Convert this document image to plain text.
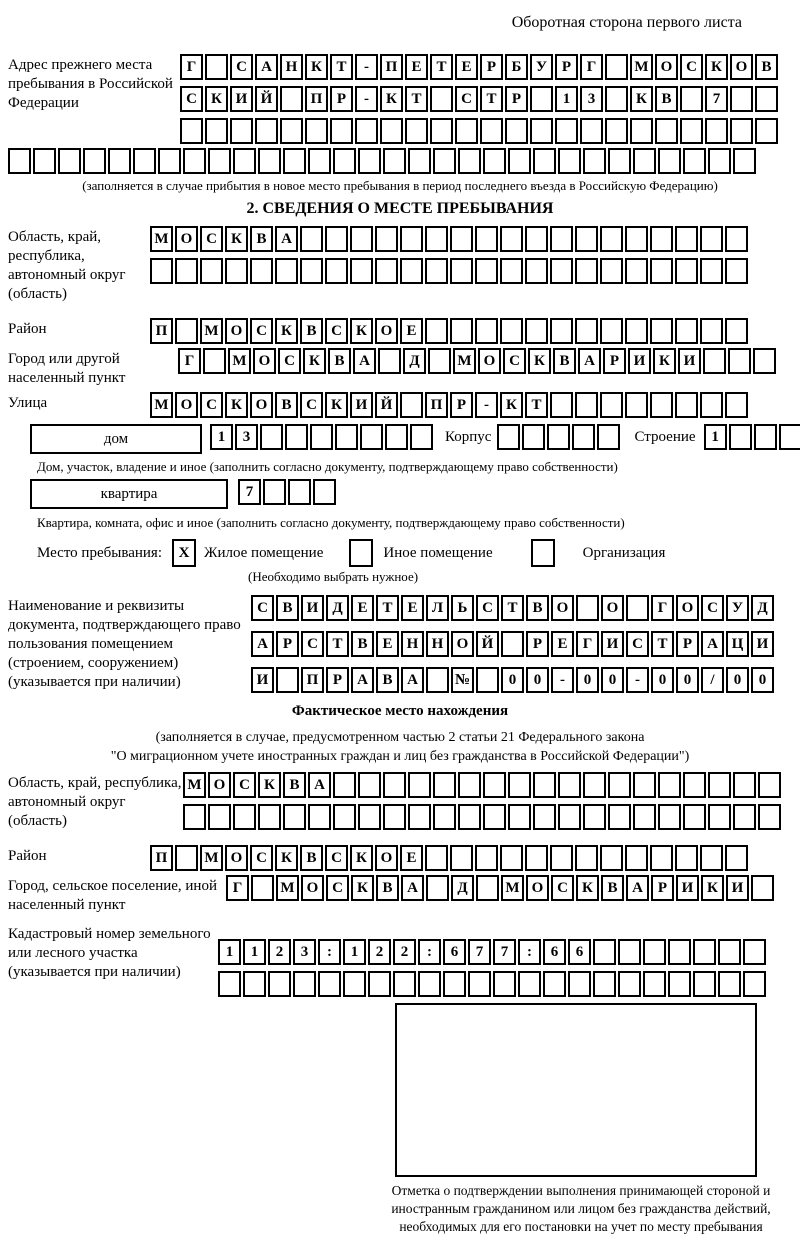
Оборотная сторона первого листа
Адрес прежнего места пребывания в Российской Федерации
Г	С А Н К Т	-	П Е Т Е	Р	Б У Р	Г	М О С К О В
С К И Й	П Р	-	К Т	С Т	Р	1	3	К В	7
(заполняется в случае прибытия в новое место пребывания в период последнего въезда в Российскую Федерацию)
2. СВЕДЕНИЯ О МЕСТЕ ПРЕБЫВАНИЯ
Область, край, республика, автономный округ (область)
М О С К В А
Район	П	М О С К В С К О Е
Город или другой населенный пункт
Г	М О С К В А	Д	М О С К В А Р И К И
Улица	М О С К О В С К И Й	П Р	-	К Т
дом	1	3	Корпус	Строение	1
Дом, участок, владение и иное (заполнить согласно документу, подтверждающему право собственности)
квартира	7
Квартира, комната, офис и иное (заполнить согласно документу, подтверждающему право собственности)
Место пребывания:	X Жилое помещение	Иное помещение	Организация
(Необходимо выбрать нужное)
Наименование и реквизиты документа, подтверждающего право пользования помещением (строением, сооружением) (указывается при наличии)
С В И Д Е Т Е Л Ь С Т В О	О	Г О С У Д
А Р	С Т В Е Н Н О Й	Р	Е	Г И С Т	Р	А Ц И
И	П Р	А В А	№	0	0	-	0	0	-	0	0	/	0	0
Фактическое место нахождения
(заполняется в случае, предусмотренном частью 2 статьи 21 Федерального закона
"О миграционном учете иностранных граждан и лиц без гражданства в Российской Федерации")
Область, край, республика, автономный округ (область)
М О С К В А
Район	П	М О С К В С К О Е
Город, сельское поселение, иной населенный пункт
Г	М О С К В А	Д	М О С К В А Р И К И
Кадастровый номер земельного или лесного участка (указывается при наличии)
1	1	2	3	:	1	2	2	:	6	7	7	:	6	6
Отметка о подтверждении выполнения принимающей стороной и иностранным гражданином или лицом без гражданства действий, необходимых для его постановки на учет по месту пребывания
